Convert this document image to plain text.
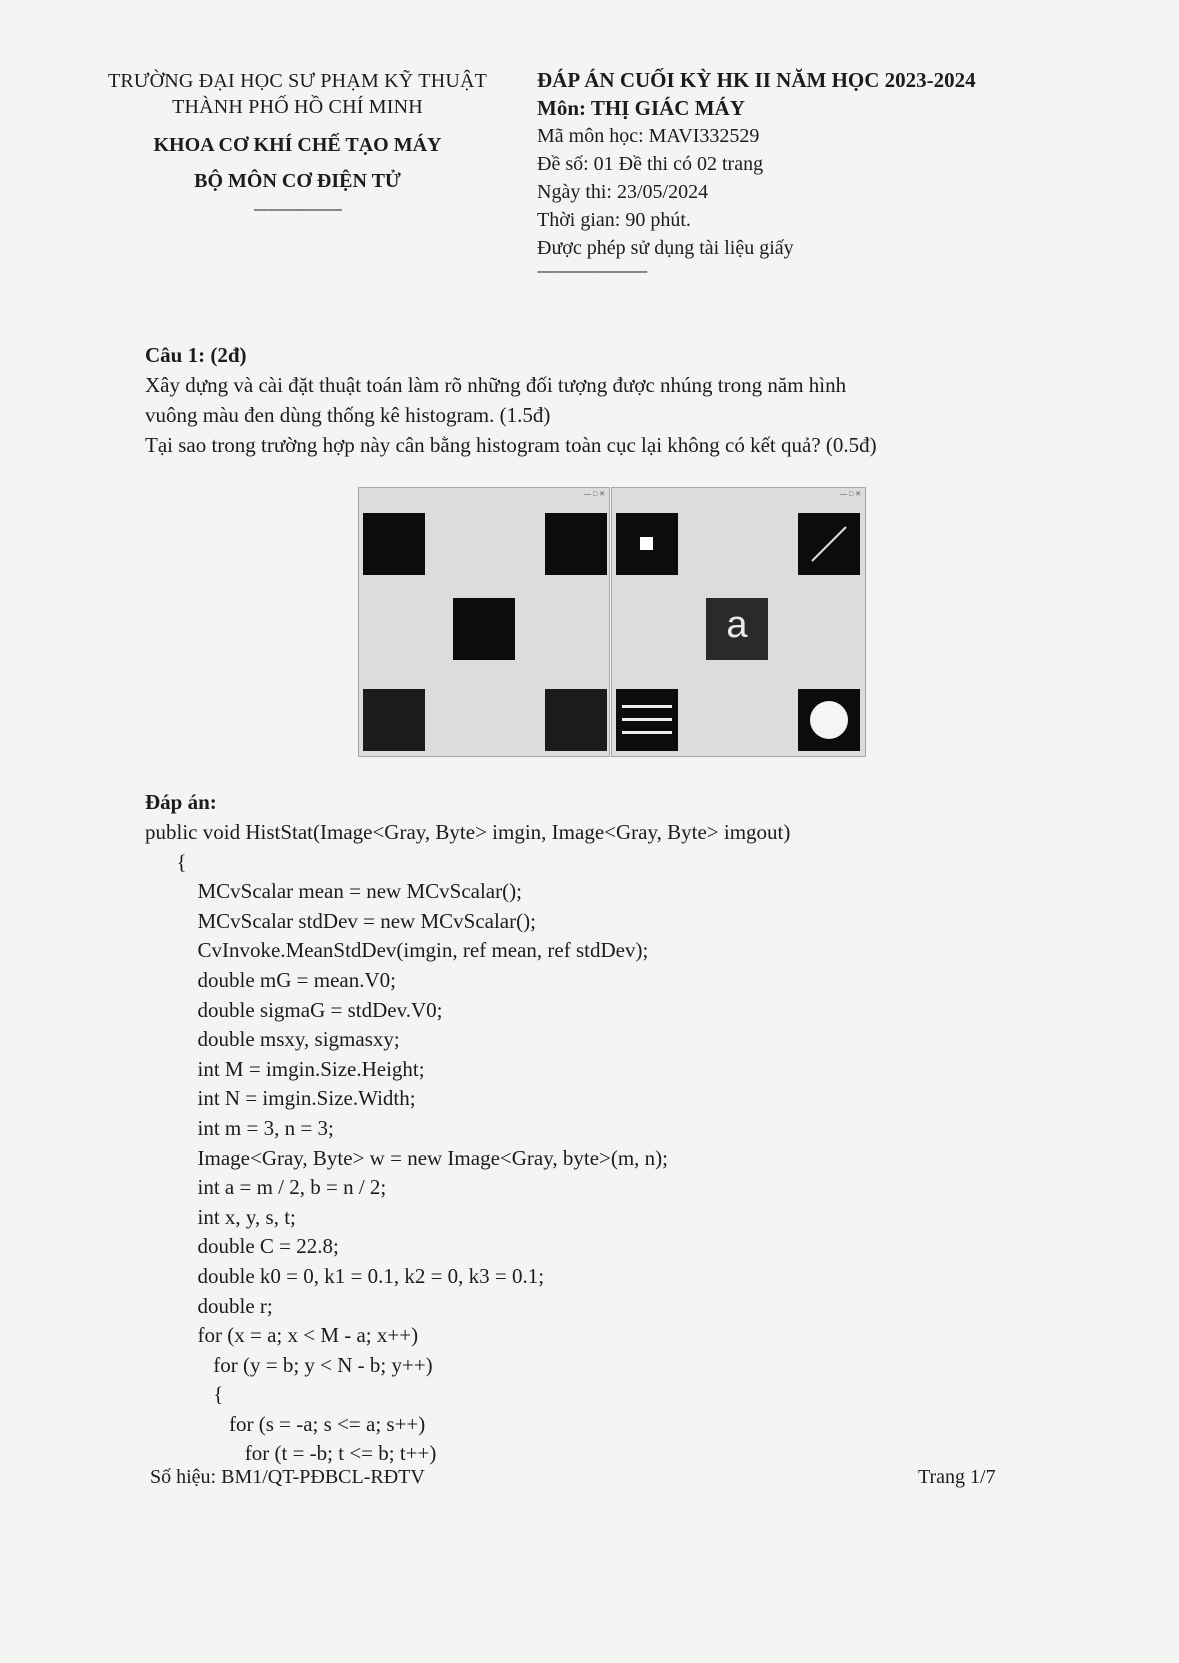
TRƯỜNG ĐẠI HỌC SƯ PHẠM KỸ THUẬT
THÀNH PHỐ HỒ CHÍ MINH
KHOA CƠ KHÍ CHẾ TẠO MÁY
BỘ MÔN CƠ ĐIỆN TỬ
------------------------
ĐÁP ÁN CUỐI KỲ HK II NĂM HỌC 2023-2024
Môn: THỊ GIÁC MÁY
Mã môn học: MAVI332529
Đề số: 01 Đề thi có 02 trang
Ngày thi: 23/05/2024
Thời gian: 90 phút.
Được phép sử dụng tài liệu giấy
------------------------------
Câu 1: (2đ)
Xây dựng và cài đặt thuật toán làm rõ những đối tượng được nhúng trong năm hình
vuông màu đen dùng thống kê histogram. (1.5đ)
Tại sao trong trường hợp này cân bằng histogram toàn cục lại không có kết quả? (0.5đ)
— □ ✕	— □ ✕
a
Đáp án:
public void HistStat(Image<Gray, Byte> imgin, Image<Gray, Byte> imgout)
{
MCvScalar mean = new MCvScalar();
MCvScalar stdDev = new MCvScalar();
CvInvoke.MeanStdDev(imgin, ref mean, ref stdDev);
double mG = mean.V0;
double sigmaG = stdDev.V0;
double msxy, sigmasxy;
int M = imgin.Size.Height;
int N = imgin.Size.Width;
int m = 3, n = 3;
Image<Gray, Byte> w = new Image<Gray, byte>(m, n);
int a = m / 2, b = n / 2;
int x, y, s, t;
double C = 22.8;
double k0 = 0, k1 = 0.1, k2 = 0, k3 = 0.1;
double r;
for (x = a; x < M - a; x++)
for (y = b; y < N - b; y++)
{
for (s = -a; s <= a; s++)
for (t = -b; t <= b; t++)
Số hiệu: BM1/QT-PĐBCL-RĐTV	Trang 1/7
